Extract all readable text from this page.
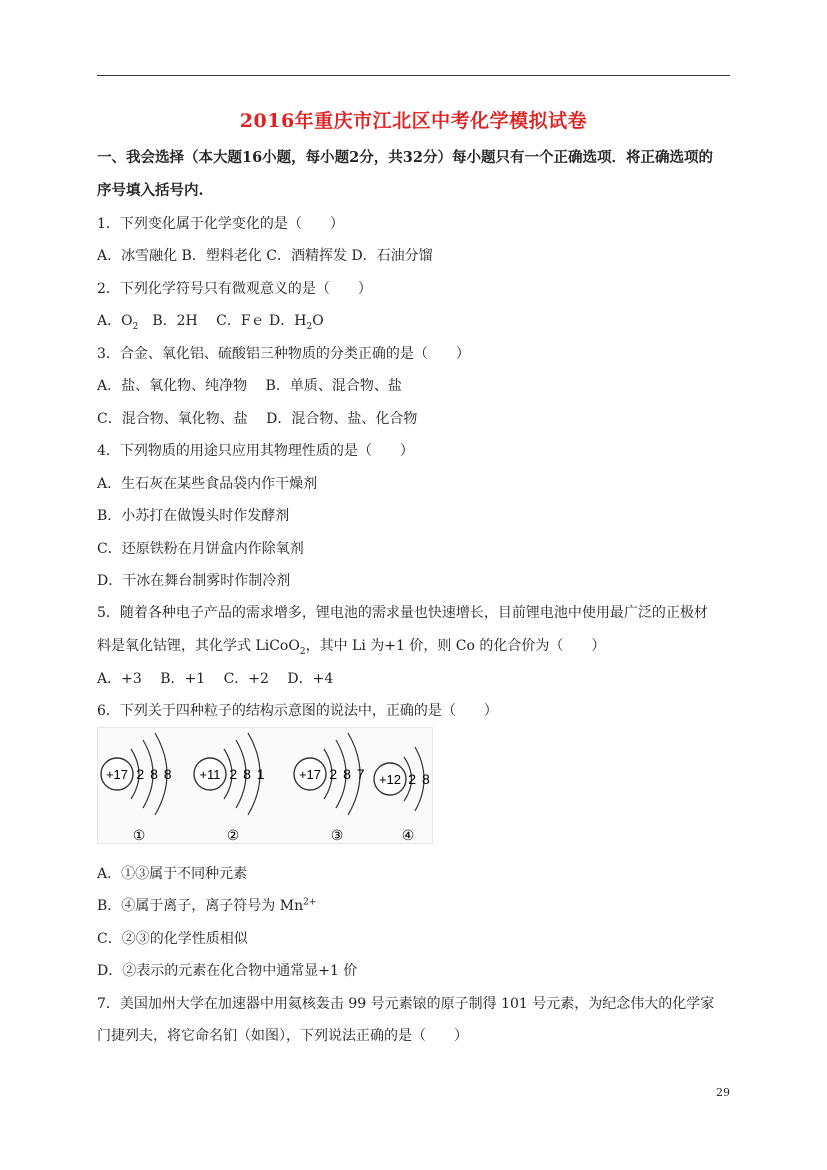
2016年重庆市江北区中考化学模拟试卷
一、我会选择（本大题16小题，每小题2分，共32分）每小题只有一个正确选项．将正确选项的
序号填入括号内.
1．下列变化属于化学变化的是（　　）
A．冰雪融化 B．塑料老化 C．酒精挥发 D．石油分馏
2．下列化学符号只有微观意义的是（　　）
A．$O_2$　B．2H　 C．Fｅ D．$H_2O$
3．合金、氧化铝、硫酸铝三种物质的分类正确的是（　　）
A．盐、氧化物、纯净物　 B．单质、混合物、盐
C．混合物、氧化物、盐　 D．混合物、盐、化合物
4．下列物质的用途只应用其物理性质的是（　　）
A．生石灰在某些食品袋内作干燥剂
B．小苏打在做馒头时作发酵剂
C．还原铁粉在月饼盒内作除氧剂
D．干冰在舞台制雾时作制冷剂
5．随着各种电子产品的需求增多，锂电池的需求量也快速增长，目前锂电池中使用最广泛的正极材
料是氧化钴锂，其化学式 LiCoO$_2$，其中 Li 为+1 价，则 Co 的化合价为（　　）
A．+3　 B．+1　 C．+2　 D．+4
6．下列关于四种粒子的结构示意图的说法中，正确的是（　　）
+17 2 8 8
①
+11 2 8 1
②
+17 2 8 7
③
+12 2 8
④
A．①③属于不同种元素
B．④属于离子，离子符号为 $Mn^{2+}$
C．②③的化学性质相似
D．②表示的元素在化合物中通常显+1 价
7．美国加州大学在加速器中用氦核轰击 99 号元素锿的原子制得 101 号元素，为纪念伟大的化学家
门捷列夫，将它命名钔（如图），下列说法正确的是（　　）
29
